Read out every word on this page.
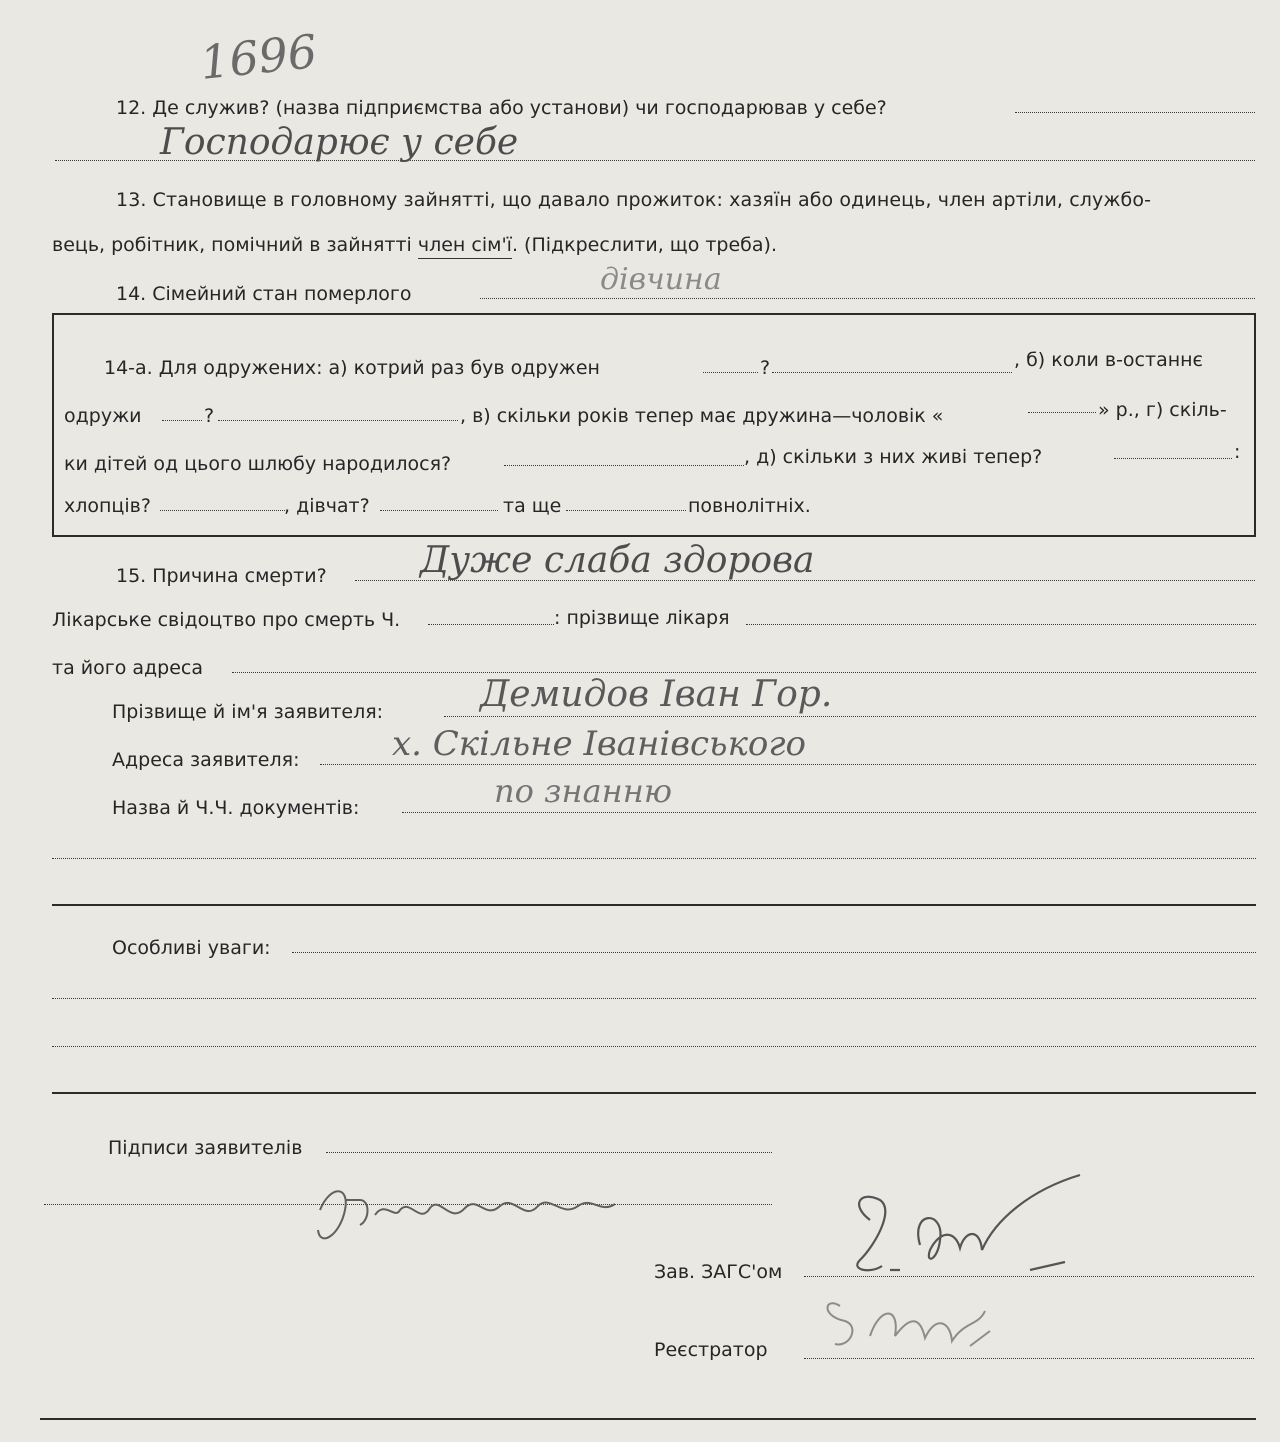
1696
12. Де служив? (назва підприємства або установи) чи господарював у себе?
Господарює у себе
13. Становище в головному зайнятті, що давало прожиток: хазяїн або одинець, член артіли, службо-
вець, робітник, помічний в зайнятті член сім'ї. (Підкреслити, що треба).
14. Сімейний стан померлого	дівчина
14-а. Для одружених: а) котрий раз був одружен	?	, б) коли в-останнє
одружи	?	, в) скільки років тепер має дружина—чоловік «	» р., г) скіль-
ки дітей од цього шлюбу народилося?	, д) скільки з них живі тепер?	:
хлопців?	, дівчат?	та ще	повнолітніх.
15. Причина смерти?	Дуже слаба здорова
Лікарське свідоцтво про смерть Ч.	: прізвище лікаря
та його адреса
Прізвище й ім'я заявителя:	Демидов Іван Гор.
Адреса заявителя:	х. Скільне Іванівського
Назва й Ч.Ч. документів:	по знанню
Особливі уваги:
Підписи заявителів
Зав. ЗАГС'ом
Реєстратор
